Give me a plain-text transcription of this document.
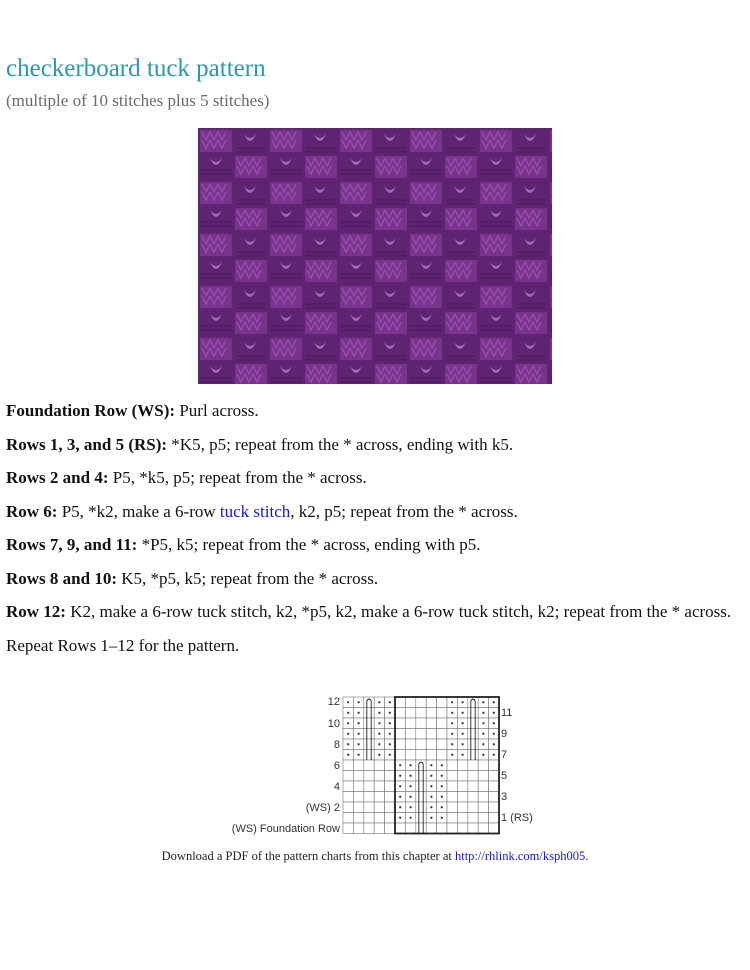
checkerboard tuck pattern

(multiple of 10 stitches plus 5 stitches)

Foundation Row (WS): Purl across.

Rows 1, 3, and 5 (RS): *K5, p5; repeat from the * across, ending with k5.

Rows 2 and 4: P5, *k5, p5; repeat from the * across.

Row 6: P5, *k2, make a 6-row tuck stitch, k2, p5; repeat from the * across.

Rows 7, 9, and 11: *P5, k5; repeat from the * across, ending with p5.

Rows 8 and 10: K5, *p5, k5; repeat from the * across.

Row 12: K2, make a 6-row tuck stitch, k2, *p5, k2, make a 6-row tuck stitch, k2; repeat from the * across.

Repeat Rows 1–12 for the pattern.

12
10
8
6
4
(WS) 2
(WS) Foundation Row
11
9
7
5
3
1 (RS)
Download a PDF of the pattern charts from this chapter at http://rhlink.com/ksph005.
